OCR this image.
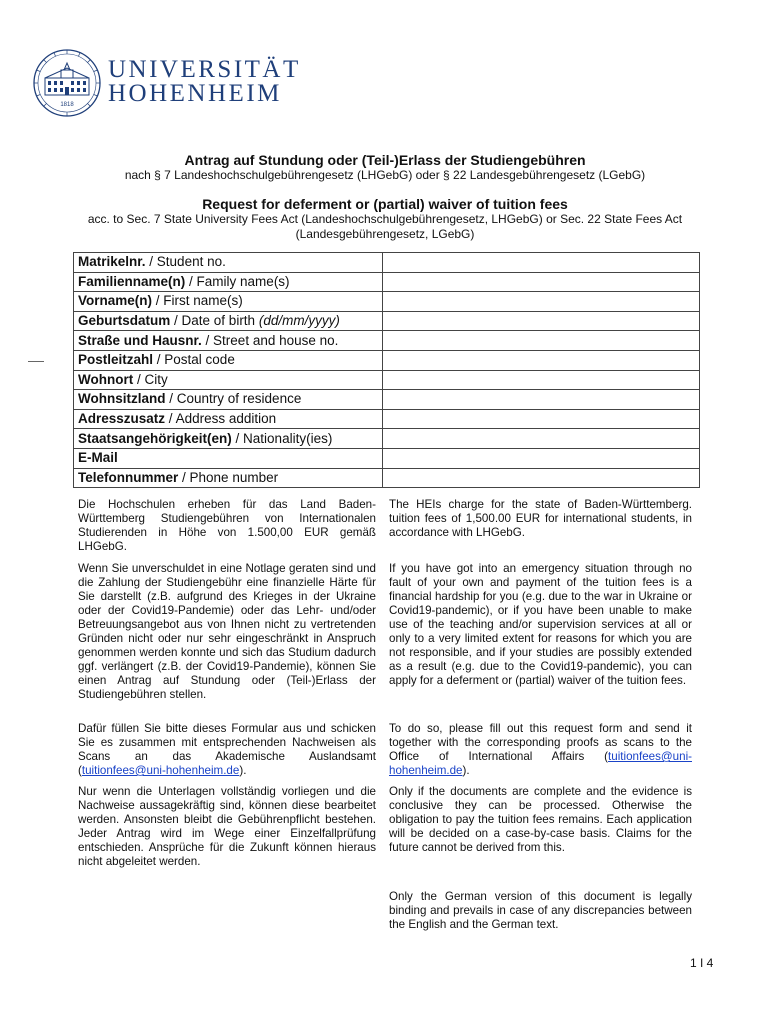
1818
UNIVERSITÄT
HOHENHEIM
Antrag auf Stundung oder (Teil-)Erlass der Studiengebühren
nach § 7 Landeshochschulgebührengesetz (LHGebG) oder § 22 Landesgebührengesetz (LGebG)
Request for deferment or (partial) waiver of tuition fees
acc. to Sec. 7 State University Fees Act (Landeshochschulgebührengesetz, LHGebG) or Sec. 22 State Fees Act
(Landesgebührengesetz, LGebG)
Matrikelnr. / Student no.	
Familienname(n) / Family name(s)	
Vorname(n) / First name(s)	
Geburtsdatum / Date of birth (dd/mm/yyyy)	
Straße und Hausnr. / Street and house no.	
Postleitzahl / Postal code	
Wohnort / City	
Wohnsitzland / Country of residence	
Adresszusatz / Address addition	
Staatsangehörigkeit(en) / Nationality(ies)	
E-Mail	
Telefonnummer / Phone number	
Die Hochschulen erheben für das Land Baden-Württemberg Studiengebühren von Internationalen Studierenden in Höhe von 1.500,00 EUR gemäß LHGebG.
Wenn Sie unverschuldet in eine Notlage geraten sind und die Zahlung der Studiengebühr eine finanzielle Härte für Sie darstellt (z.B. aufgrund des Krieges in der Ukraine oder der Covid19-Pandemie) oder das Lehr- und/oder Betreuungsangebot aus von Ihnen nicht zu vertretenden Gründen nicht oder nur sehr eingeschränkt in Anspruch genommen werden konnte und sich das Studium dadurch ggf. verlängert (z.B. der Covid19-Pandemie), können Sie einen Antrag auf Stundung oder (Teil-)Erlass der Studiengebühren stellen.
Dafür füllen Sie bitte dieses Formular aus und schicken Sie es zusammen mit entsprechenden Nachweisen als Scans an das Akademische Auslandsamt (tuitionfees@uni-hohenheim.de).
Nur wenn die Unterlagen vollständig vorliegen und die Nachweise aussagekräftig sind, können diese bearbeitet werden. Ansonsten bleibt die Gebührenpflicht bestehen. Jeder Antrag wird im Wege einer Einzelfallprüfung entschieden. Ansprüche für die Zukunft können hieraus nicht abgeleitet werden.
The HEIs charge for the state of Baden-Württemberg. tuition fees of 1,500.00 EUR for international students, in accordance with LHGebG.
If you have got into an emergency situation through no fault of your own and payment of the tuition fees is a financial hardship for you (e.g. due to the war in Ukraine or Covid19-pandemic), or if you have been unable to make use of the teaching and/or supervision services at all or only to a very limited extent for reasons for which you are not responsible, and if your studies are possibly extended as a result (e.g. due to the Covid19-pandemic), you can apply for a deferment or (partial) waiver of the tuition fees.
To do so, please fill out this request form and send it together with the corresponding proofs as scans to the Office of International Affairs (tuitionfees@uni-hohenheim.de).
Only if the documents are complete and the evidence is conclusive they can be processed. Otherwise the obligation to pay the tuition fees remains. Each application will be decided on a case-by-case basis. Claims for the future cannot be derived from this.
Only the German version of this document is legally binding and prevails in case of any discrepancies between the English and the German text.
1 I 4
